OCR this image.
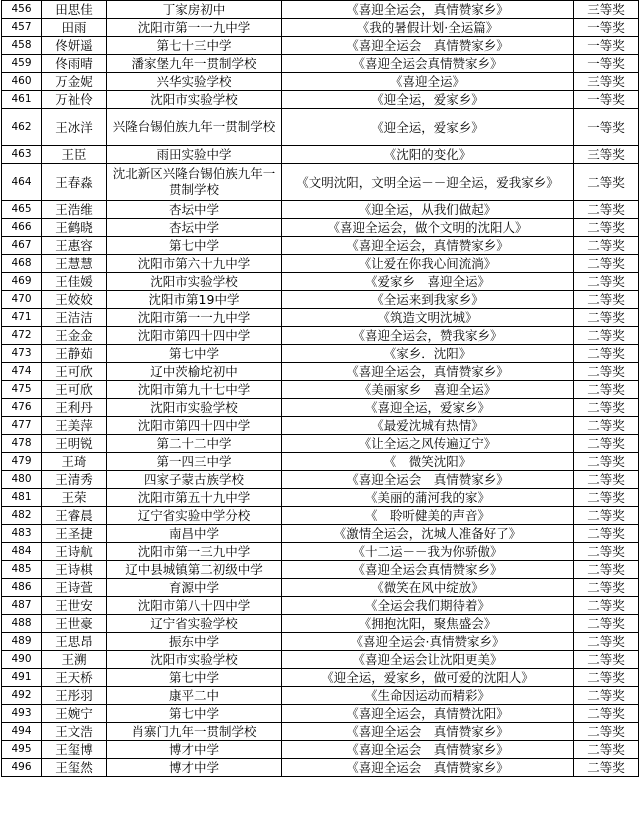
456	田思佳	丁家房初中	《喜迎全运会，真情赞家乡》	三等奖
457	田雨	沈阳市第一一九中学	《我的暑假计划·全运篇》	一等奖
458	佟妍遥	第七十三中学	《喜迎全运会　真情赞家乡》	一等奖
459	佟雨晴	潘家堡九年一贯制学校	《喜迎全运会真情赞家乡》	一等奖
460	万金妮	兴华实验学校	《喜迎全运》	三等奖
461	万祉伶	沈阳市实验学校	《迎全运，爱家乡》	一等奖
462	王冰洋	兴隆台锡伯族九年一贯制学校	《迎全运，爱家乡》	一等奖
463	王臣	雨田实验中学	《沈阳的变化》	三等奖
464	王春淼	沈北新区兴隆台锡伯族九年一贯制学校	《文明沈阳，文明全运－－迎全运，爱我家乡》	二等奖
465	王浩维	杏坛中学	《迎全运，从我们做起》	二等奖
466	王鹤晓	杏坛中学	《喜迎全运会，做个文明的沈阳人》	二等奖
467	王惠容	第七中学	《喜迎全运会，真情赞家乡》	二等奖
468	王慧慧	沈阳市第六十九中学	《让爱在你我心间流淌》	二等奖
469	王佳媛	沈阳市实验学校	《爱家乡　喜迎全运》	二等奖
470	王姣姣	沈阳市第19中学	《全运来到我家乡》	二等奖
471	王洁洁	沈阳市第一一九中学	《筑造文明沈城》	二等奖
472	王金金	沈阳市第四十四中学	《喜迎全运会，赞我家乡》	二等奖
473	王静茹	第七中学	《家乡．沈阳》	二等奖
474	王可欣	辽中茨榆坨初中	《喜迎全运会，真情赞家乡》	二等奖
475	王可欣	沈阳市第九十七中学	《美丽家乡　喜迎全运》	二等奖
476	王利丹	沈阳市实验学校	《喜迎全运，爱家乡》	二等奖
477	王美萍	沈阳市第四十四中学	《最爱沈城有热情》	二等奖
478	王明锐	第二十二中学	《让全运之风传遍辽宁》	二等奖
479	王琦	第一四三中学	《　微笑沈阳》	二等奖
480	王清秀	四家子蒙古族学校	《喜迎全运会　真情赞家乡》	二等奖
481	王荣	沈阳市第五十九中学	《美丽的蒲河我的家》	二等奖
482	王睿晨	辽宁省实验中学分校	《　聆听健美的声音》	二等奖
483	王圣捷	南昌中学	《激情全运会，沈城人准备好了》	二等奖
484	王诗航	沈阳市第一三九中学	《十二运－－我为你骄傲》	二等奖
485	王诗棋	辽中县城镇第二初级中学	《喜迎全运会真情赞家乡》	二等奖
486	王诗萱	育源中学	《微笑在风中绽放》	二等奖
487	王世安	沈阳市第八十四中学	《全运会我们期待着》	二等奖
488	王世豪	辽宁省实验学校	《拥抱沈阳，聚焦盛会》	二等奖
489	王思昂	振东中学	《喜迎全运会·真情赞家乡》	二等奖
490	王溯	沈阳市实验学校	《喜迎全运会让沈阳更美》	二等奖
491	王天桥	第七中学	《迎全运，爱家乡，做可爱的沈阳人》	二等奖
492	王彤羽	康平二中	《生命因运动而精彩》	二等奖
493	王婉宁	第七中学	《喜迎全运会，真情赞沈阳》	二等奖
494	王文浩	肖寨门九年一贯制学校	《喜迎全运会　真情赞家乡》	二等奖
495	王玺博	博才中学	《喜迎全运会　真情赞家乡》	二等奖
496	王玺然	博才中学	《喜迎全运会　真情赞家乡》	二等奖
